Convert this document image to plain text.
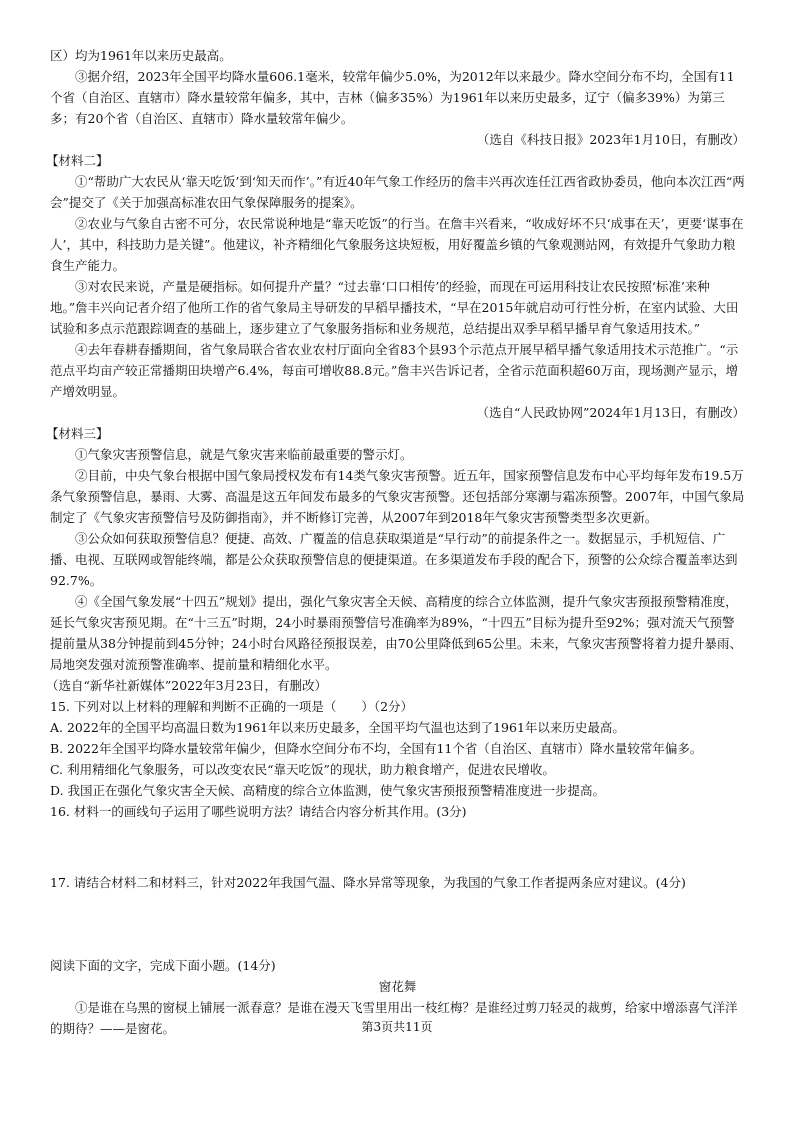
区）均为1961年以来历史最高。

③据介绍，2023年全国平均降水量606.1毫米，较常年偏少5.0%，为2012年以来最少。降水空间分布不均，全国有11个省（自治区、直辖市）降水量较常年偏多，其中，吉林（偏多35%）为1961年以来历史最多，辽宁（偏多39%）为第三多；有20个省（自治区、直辖市）降水量较常年偏少。

（选自《科技日报》2023年1月10日，有删改）

【材料二】

①“帮助广大农民从‘靠天吃饭’到‘知天而作’。”有近40年气象工作经历的詹丰兴再次连任江西省政协委员，他向本次江西“两会”提交了《关于加强高标准农田气象保障服务的提案》。

②农业与气象自古密不可分，农民常说种地是“靠天吃饭”的行当。在詹丰兴看来，“收成好坏不只‘成事在天’，更要‘谋事在人’，其中，科技助力是关键”。他建议，补齐精细化气象服务这块短板，用好覆盖乡镇的气象观测站网，有效提升气象助力粮食生产能力。

③对农民来说，产量是硬指标。如何提升产量？“过去靠‘口口相传’的经验，而现在可运用科技让农民按照‘标准’来种地。”詹丰兴向记者介绍了他所工作的省气象局主导研发的早稻早播技术，“早在2015年就启动可行性分析，在室内试验、大田试验和多点示范跟踪调查的基础上，逐步建立了气象服务指标和业务规范，总结提出双季早稻早播早育气象适用技术。”

④去年春耕春播期间，省气象局联合省农业农村厅面向全省83个县93个示范点开展早稻早播气象适用技术示范推广。“示范点平均亩产较正常播期田块增产6.4%，每亩可增收88.8元。”詹丰兴告诉记者，全省示范面积超60万亩，现场测产显示，增产增效明显。

（选自“人民政协网”2024年1月13日，有删改）

【材料三】

①气象灾害预警信息，就是气象灾害来临前最重要的警示灯。

②目前，中央气象台根据中国气象局授权发布有14类气象灾害预警。近五年，国家预警信息发布中心平均每年发布19.5万条气象预警信息，暴雨、大雾、高温是这五年间发布最多的气象灾害预警。还包括部分寒潮与霜冻预警。2007年，中国气象局制定了《气象灾害预警信号及防御指南》，并不断修订完善，从2007年到2018年气象灾害预警类型多次更新。

③公众如何获取预警信息？便捷、高效、广覆盖的信息获取渠道是“早行动”的前提条件之一。数据显示，手机短信、广播、电视、互联网或智能终端，都是公众获取预警信息的便捷渠道。在多渠道发布手段的配合下，预警的公众综合覆盖率达到92.7%。

④《全国气象发展“十四五”规划》提出，强化气象灾害全天候、高精度的综合立体监测，提升气象灾害预报预警精准度，延长气象灾害预见期。在“十三五”时期，24小时暴雨预警信号准确率为89%，“十四五”目标为提升至92%；强对流天气预警提前量从38分钟提前到45分钟；24小时台风路径预报误差，由70公里降低到65公里。未来，气象灾害预警将着力提升暴雨、局地突发强对流预警准确率、提前量和精细化水平。

（选自“新华社新媒体”2022年3月23日，有删改）

15. 下列对以上材料的理解和判断不正确的一项是（　　）（2分）

A. 2022年的全国平均高温日数为1961年以来历史最多，全国平均气温也达到了1961年以来历史最高。

B. 2022年全国平均降水量较常年偏少，但降水空间分布不均，全国有11个省（自治区、直辖市）降水量较常年偏多。

C. 利用精细化气象服务，可以改变农民“靠天吃饭”的现状，助力粮食增产，促进农民增收。

D. 我国正在强化气象灾害全天候、高精度的综合立体监测，使气象灾害预报预警精准度进一步提高。

16. 材料一的画线句子运用了哪些说明方法？请结合内容分析其作用。(3分)

17. 请结合材料二和材料三，针对2022年我国气温、降水异常等现象，为我国的气象工作者提两条应对建议。(4分)

阅读下面的文字，完成下面小题。(14分)

窗花舞

①是谁在乌黑的窗棂上铺展一派春意？是谁在漫天飞雪里用出一枝红梅？是谁经过剪刀轻灵的裁剪，给家中增添喜气洋洋的期待？——是窗花。	第3页共11页
